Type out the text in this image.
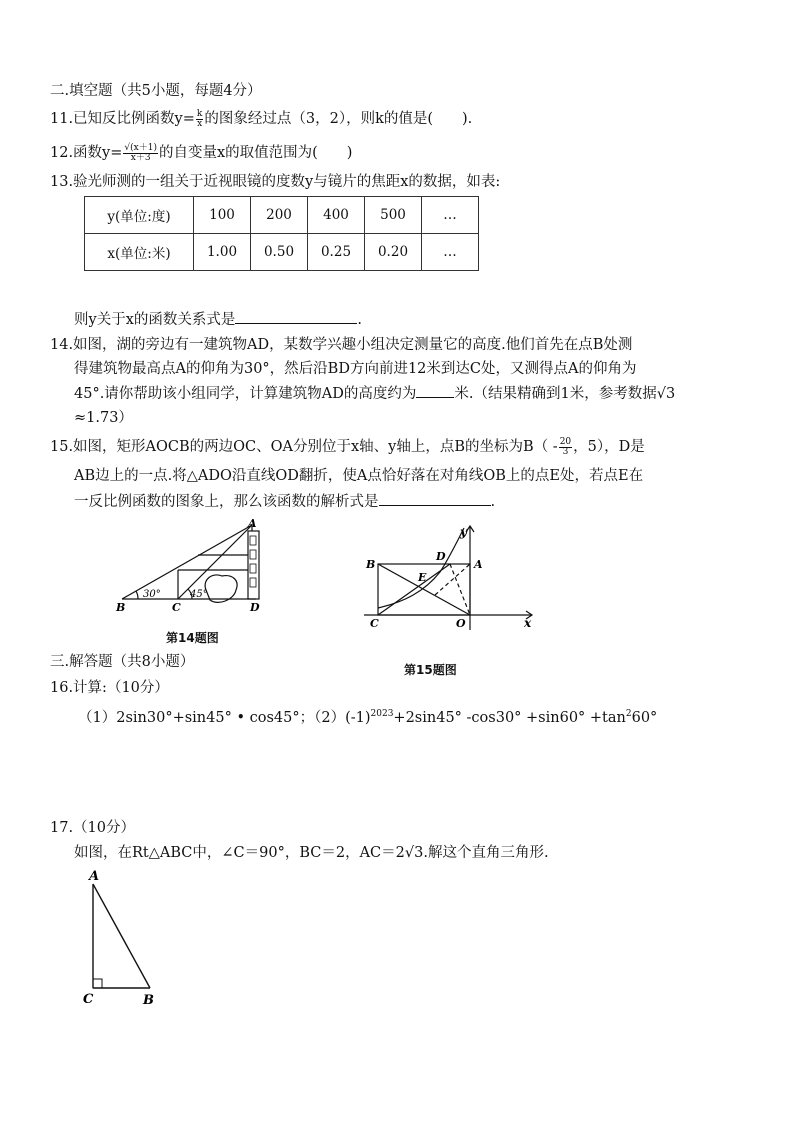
二.填空题（共5小题，每题4分）
11.已知反比例函数$y= \frac{k}{x}$ 的图象经过点（3，2），则k的值是(　　).
12.函数$y= \frac{√(x+1)}{x+3}$ 的自变量x的取值范围为(　　)
13.验光师测的一组关于近视眼镜的度数y与镜片的焦距x的数据，如表:
y(单位:度)	100	200	400	500	…
x(单位:米)	1.00	0.50	0.25	0.20	…
则y关于x的函数关系式是	.
14.如图，湖的旁边有一建筑物AD，某数学兴趣小组决定测量它的高度.他们首先在点B处测
得建筑物最高点A的仰角为30°，然后沿BD方向前进12米到达C处，又测得点A的仰角为
45°.请你帮助该小组同学，计算建筑物AD的高度约为	米.（结果精确到1米，参考数据√3
≈1.73）
15.如图，矩形AOCB的两边OC、OA分别位于x轴、y轴上，点B的坐标为$B( - \frac{20}{3}$ ，5），D是
AB边上的一点.将△ADO沿直线OD翻折，使A点恰好落在对角线OB上的点E处，若点E在
一反比例函数的图象上，那么该函数的解析式是	.
A
B	C	D
30°	45°
第14题图
B
D
A
E
C	O	x
y
第15题图
三.解答题（共8小题）
16.计算:（10分）
（1）2sin30°+sin45° • cos45°；$(2)(-1)^{2023}+2\sin 45^\circ$ $-\cos 30^\circ +\sin 60^\circ +\tan^260^\circ$
17.（10分）
如图，在Rt△ABC中，∠C＝90°，BC＝2，AC＝2√3.解这个直角三角形.
A
C	B
